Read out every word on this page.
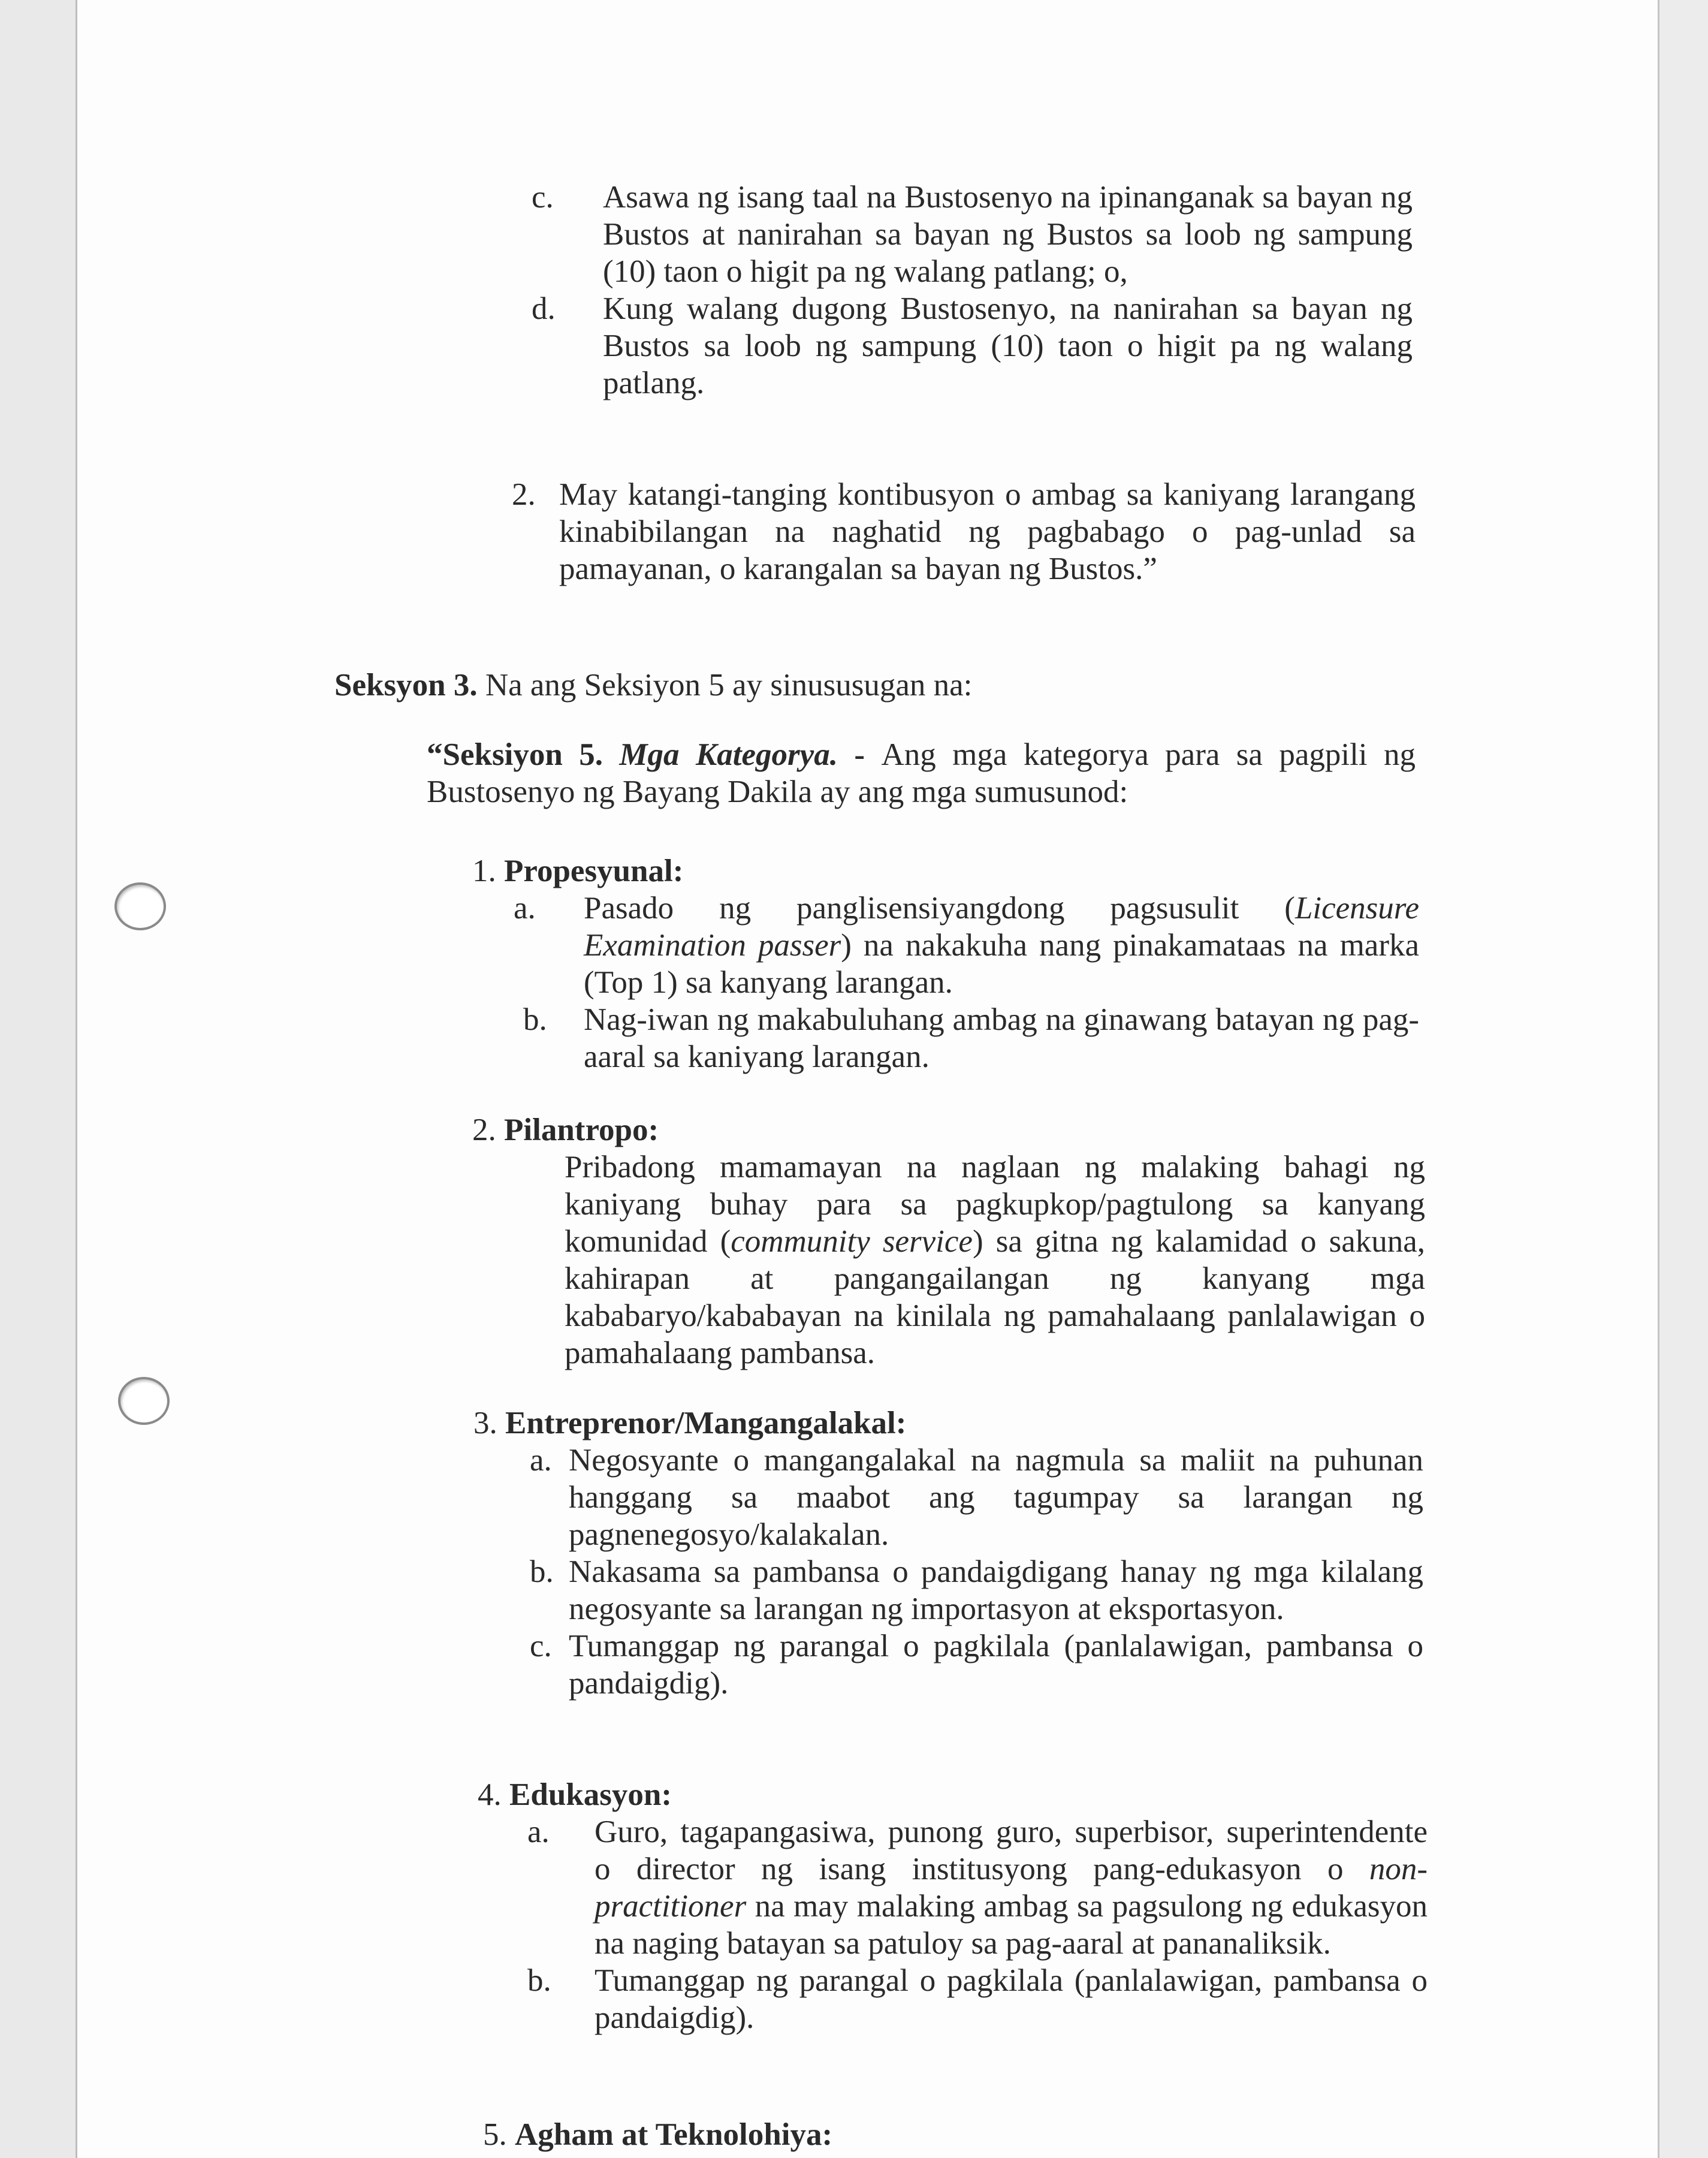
c. Asawa ng isang taal na Bustosenyo na ipinanganak sa bayan ng Bustos at nanirahan sa bayan ng Bustos sa loob ng sampung (10) taon o higit pa ng walang patlang; o,
d. Kung walang dugong Bustosenyo, na nanirahan sa bayan ng Bustos sa loob ng sampung (10) taon o higit pa ng walang patlang.
2. May katangi-tanging kontibusyon o ambag sa kaniyang larangang kinabibilangan na naghatid ng pagbabago o pag-unlad sa pamayanan, o karangalan sa bayan ng Bustos.”
Seksyon 3. Na ang Seksiyon 5 ay sinususugan na:
“Seksiyon 5. Mga Kategorya. - Ang mga kategorya para sa pagpili ng Bustosenyo ng Bayang Dakila ay ang mga sumusunod:
1. Propesyunal:
a. Pasado ng panglisensiyangdong pagsusulit (Licensure Examination passer) na nakakuha nang pinakamataas na marka (Top 1) sa kanyang larangan.
b. Nag-iwan ng makabuluhang ambag na ginawang batayan ng pag-aaral sa kaniyang larangan.
2. Pilantropo:
Pribadong mamamayan na naglaan ng malaking bahagi ng kaniyang buhay para sa pagkupkop/pagtulong sa kanyang komunidad (community service) sa gitna ng kalamidad o sakuna, kahirapan at pangangailangan ng kanyang mga kababaryo/kababayan na kinilala ng pamahalaang panlalawigan o pamahalaang pambansa.
3. Entreprenor/Mangangalakal:
a. Negosyante o mangangalakal na nagmula sa maliit na puhunan hanggang sa maabot ang tagumpay sa larangan ng pagnenegosyo/kalakalan.
b. Nakasama sa pambansa o pandaigdigang hanay ng mga kilalang negosyante sa larangan ng importasyon at eksportasyon.
c. Tumanggap ng parangal o pagkilala (panlalawigan, pambansa o pandaigdig).
4. Edukasyon:
a. Guro, tagapangasiwa, punong guro, superbisor, superintendente o director ng isang institusyong pang-edukasyon o non-practitioner na may malaking ambag sa pagsulong ng edukasyon na naging batayan sa patuloy sa pag-aaral at pananaliksik.
b. Tumanggap ng parangal o pagkilala (panlalawigan, pambansa o pandaigdig).
5. Agham at Teknolohiya:
